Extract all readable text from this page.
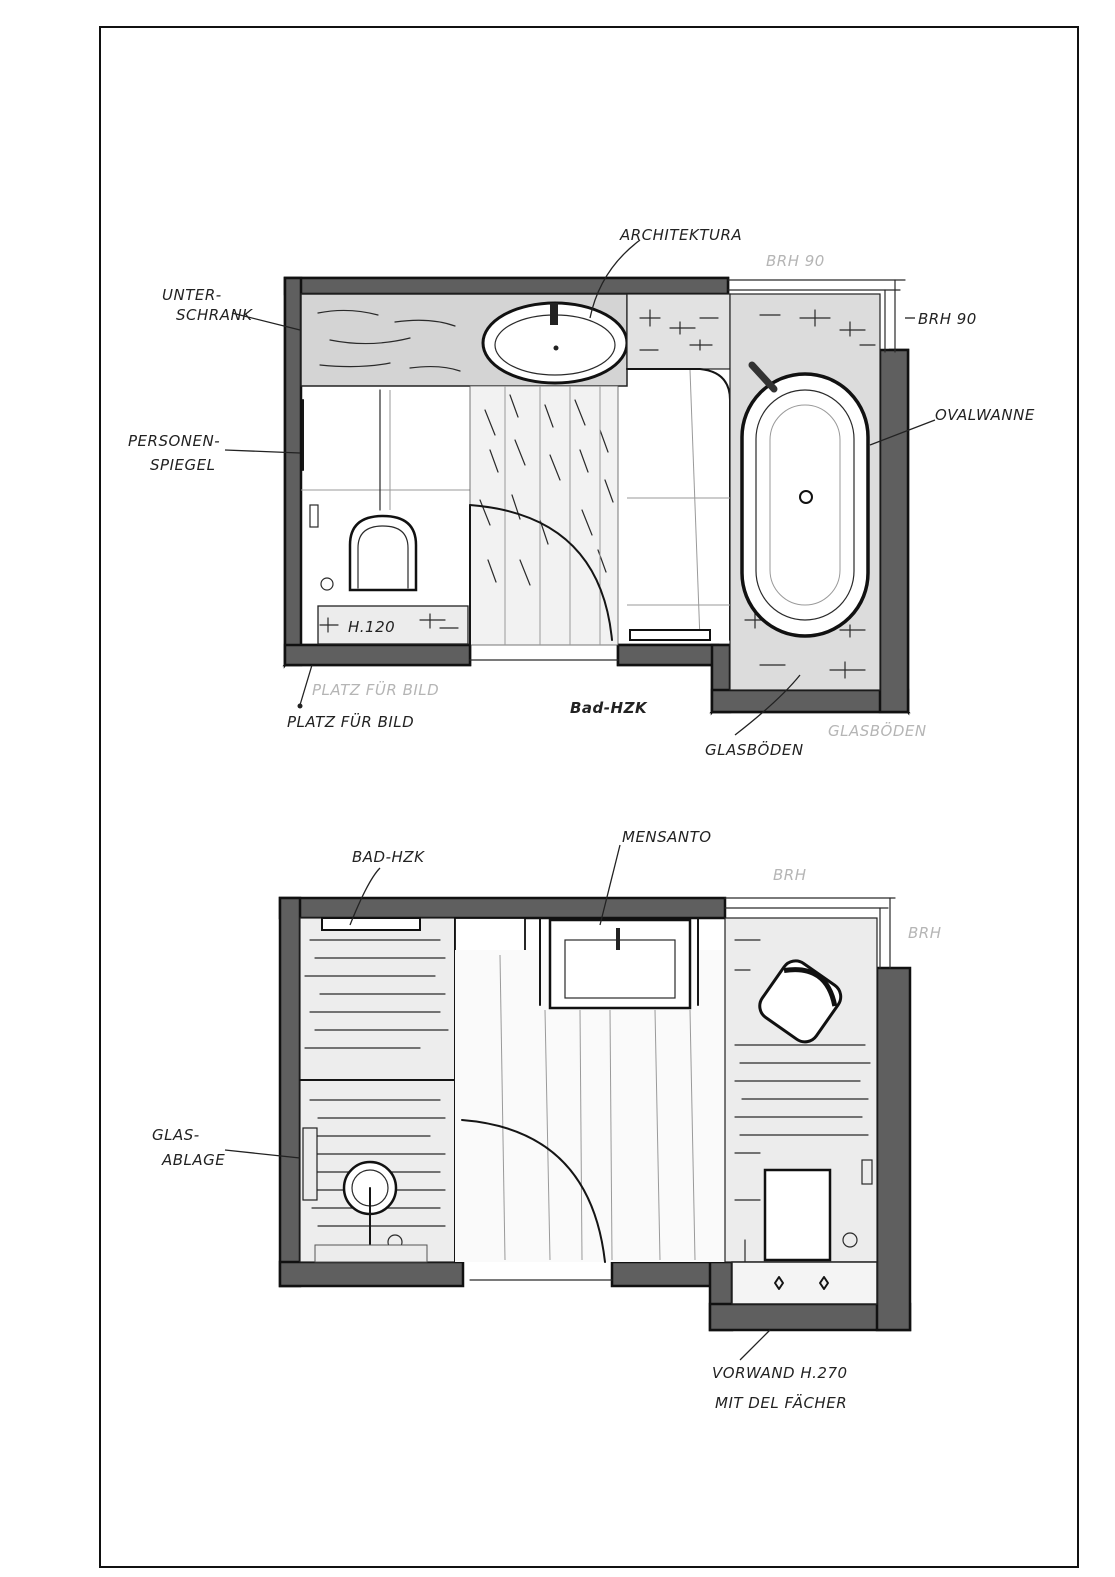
ARCHITEKTURA
BRH 90
BRH 90
UNTER-
SCHRANK
PERSONEN-
SPIEGEL
OVALWANNE
H.120
PLATZ FÜR BILD
PLATZ FÜR BILD
Bad-HZK
GLASBÖDEN
GLASBÖDEN
BAD-HZK
MENSANTO
BRH
BRH
GLAS-
ABLAGE
VORWAND H.270
MIT DEL FÄCHER
